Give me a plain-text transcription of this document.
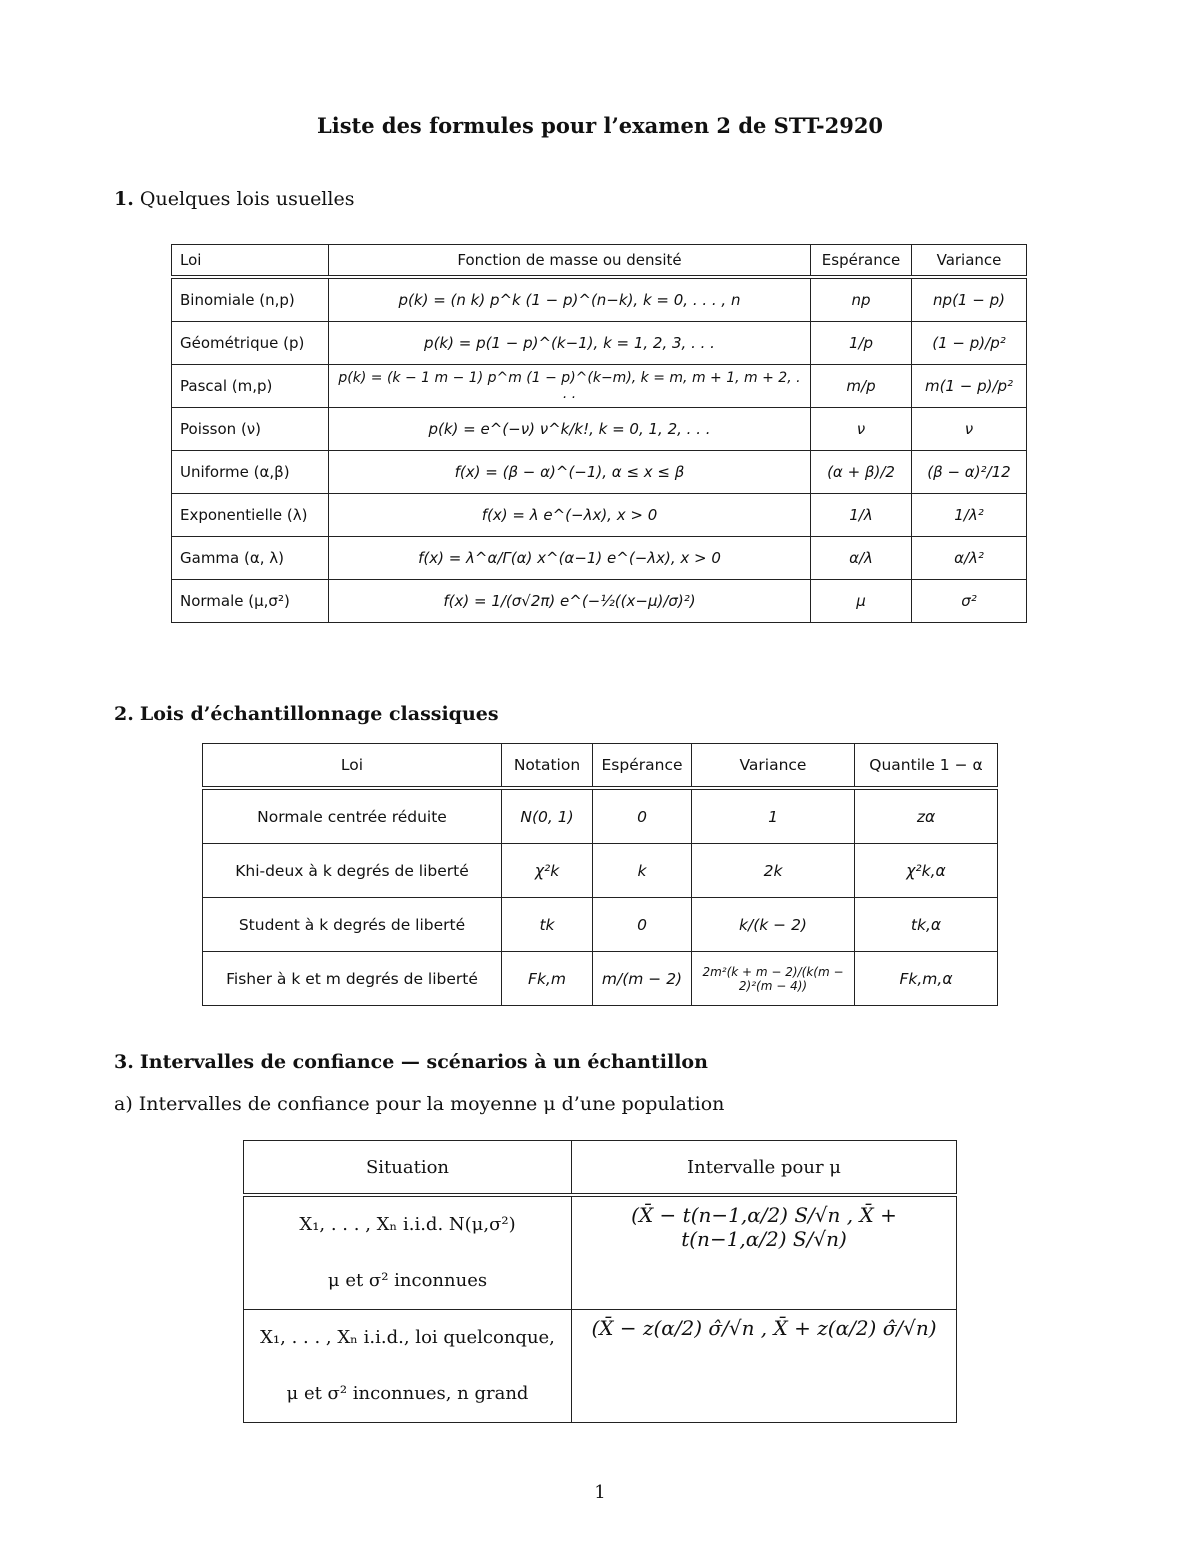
Liste des formules pour l’examen 2 de STT-2920
1. Quelques lois usuelles
Loi	Fonction de masse ou densité	Espérance	Variance
Binomiale (n,p)	p(k) = (n k) p^k (1 − p)^(n−k), k = 0, . . . , n	np	np(1 − p)
Géométrique (p)	p(k) = p(1 − p)^(k−1), k = 1, 2, 3, . . .	1/p	(1 − p)/p²
Pascal (m,p)	p(k) = (k − 1 m − 1) p^m (1 − p)^(k−m), k = m, m + 1, m + 2, . . .	m/p	m(1 − p)/p²
Poisson (ν)	p(k) = e^(−ν) ν^k/k!, k = 0, 1, 2, . . .	ν	ν
Uniforme (α,β)	f(x) = (β − α)^(−1), α ≤ x ≤ β	(α + β)/2	(β − α)²/12
Exponentielle (λ)	f(x) = λ e^(−λx), x > 0	1/λ	1/λ²
Gamma (α, λ)	f(x) = λ^α/Γ(α) x^(α−1) e^(−λx), x > 0	α/λ	α/λ²
Normale (μ,σ²)	f(x) = 1/(σ√2π) e^(−½((x−μ)/σ)²)	μ	σ²
2. Lois d’échantillonnage classiques
Loi	Notation	Espérance	Variance	Quantile 1 − α
Normale centrée réduite	N(0, 1)	0	1	zα
Khi-deux à k degrés de liberté	χ²k	k	2k	χ²k,α
Student à k degrés de liberté	tk	0	k/(k − 2)	tk,α
Fisher à k et m degrés de liberté	Fk,m	m/(m − 2)	2m²(k + m − 2)/(k(m − 2)²(m − 4))	Fk,m,α
3. Intervalles de confiance — scénarios à un échantillon
a) Intervalles de confiance pour la moyenne μ d’une population
Situation	Intervalle pour μ

X₁, . . . , Xₙ i.i.d. N(μ,σ²)
μ et σ² inconnues	(X̄ − t(n−1,α/2) S/√n , X̄ + t(n−1,α/2) S/√n)

X₁, . . . , Xₙ i.i.d., loi quelconque,
μ et σ² inconnues, n grand	(X̄ − z(α/2) σ̂/√n , X̄ + z(α/2) σ̂/√n)
1
